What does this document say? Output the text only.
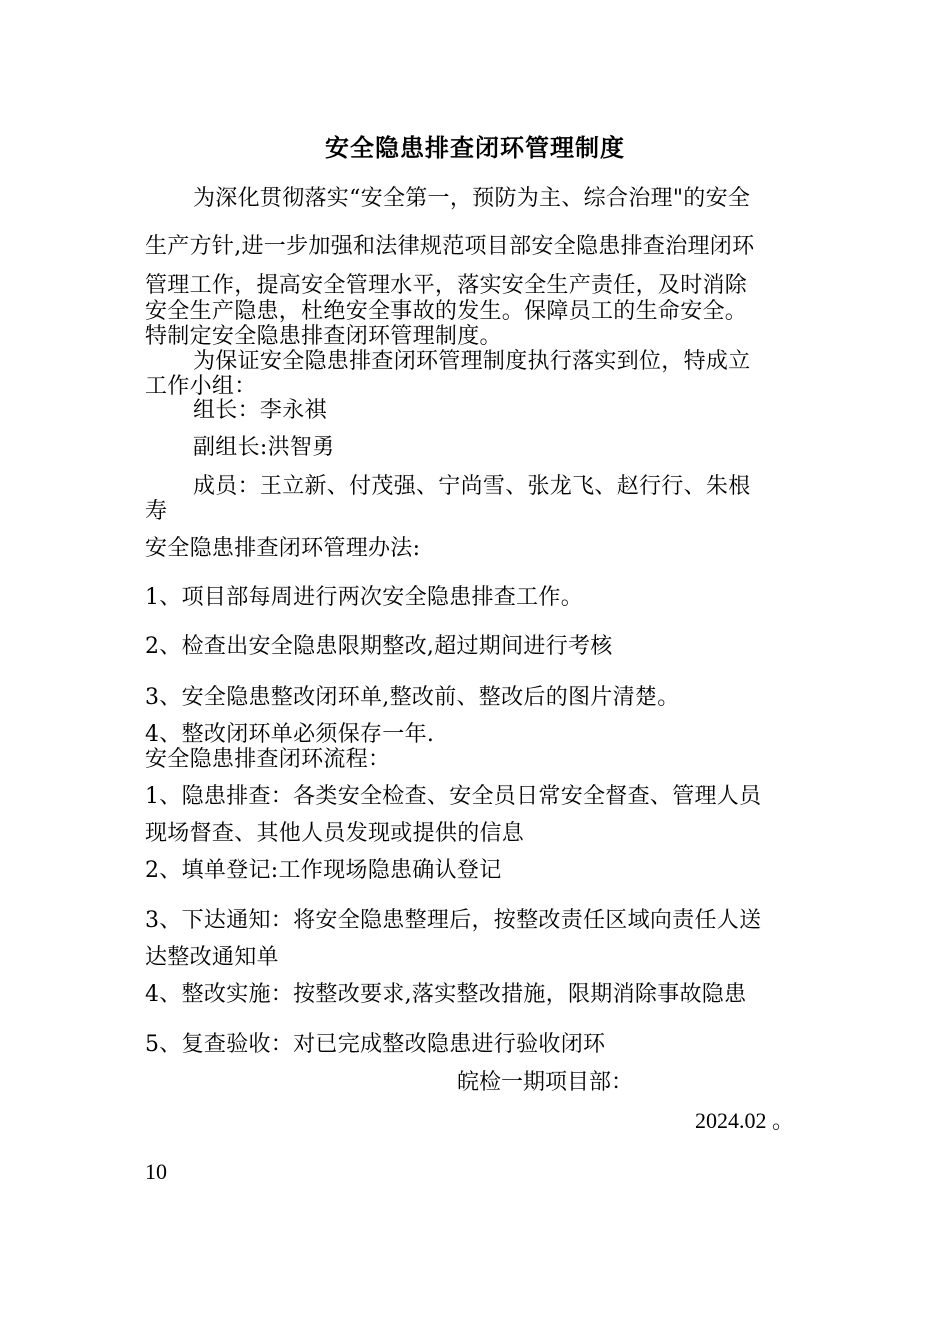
安全隐患排查闭环管理制度
为深化贯彻落实“安全第一，预防为主、综合治理"的安全
生产方针,进一步加强和法律规范项目部安全隐患排查治理闭环
管理工作，提高安全管理水平，落实安全生产责任，及时消除
安全生产隐患，杜绝安全事故的发生。保障员工的生命安全。
特制定安全隐患排查闭环管理制度。
为保证安全隐患排查闭环管理制度执行落实到位，特成立
工作小组：
组长：李永祺
副组长:洪智勇
成员：王立新、付茂强、宁尚雪、张龙飞、赵行行、朱根
寿
安全隐患排查闭环管理办法:
1、项目部每周进行两次安全隐患排查工作。
2、检查出安全隐患限期整改,超过期间进行考核
3、安全隐患整改闭环单,整改前、整改后的图片清楚。
4、整改闭环单必须保存一年.
安全隐患排查闭环流程：
1、隐患排查：各类安全检查、安全员日常安全督查、管理人员
现场督查、其他人员发现或提供的信息
2、填单登记:工作现场隐患确认登记
3、下达通知：将安全隐患整理后，按整改责任区域向责任人送
达整改通知单
4、整改实施：按整改要求,落实整改措施，限期消除事故隐患
5、复查验收：对已完成整改隐患进行验收闭环
皖检一期项目部：
2024.02 。
10
